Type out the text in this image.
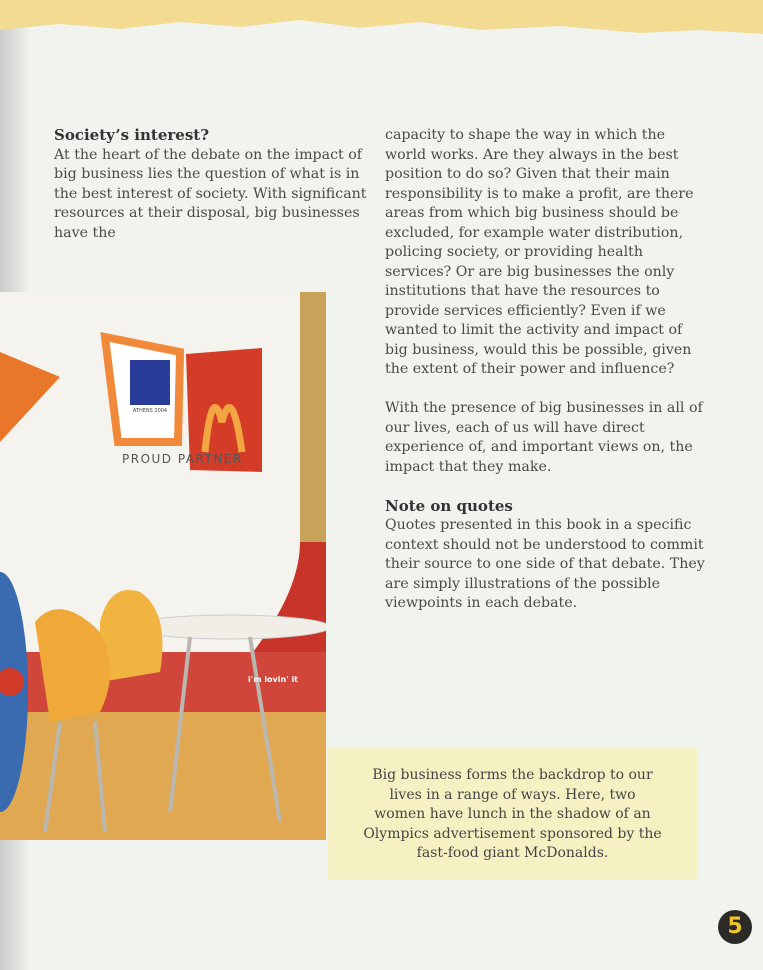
Society’s interest?

At the heart of the debate on the impact of big business lies the question of what is in the best interest of society. With significant resources at their disposal, big businesses have the

capacity to shape the way in which the world works. Are they always in the best position to do so? Given that their main responsibility is to make a profit, are there areas from which big business should be excluded, for example water distribution, policing society, or providing health services? Or are big businesses the only institutions that have the resources to provide services efficiently? Even if we wanted to limit the activity and impact of big business, would this be possible, given the extent of their power and influence?

With the presence of big businesses in all of our lives, each of us will have direct experience of, and important views on, the impact that they make.

Note on quotes

Quotes presented in this book in a specific context should not be understood to commit their source to one side of that debate. They are simply illustrations of the possible viewpoints in each debate.

ATHENS 2004
PROUD PARTNER
i'm lovin' it
Big business forms the backdrop to our lives in a range of ways. Here, two women have lunch in the shadow of an Olympics advertisement sponsored by the fast-food giant McDonalds.
5
